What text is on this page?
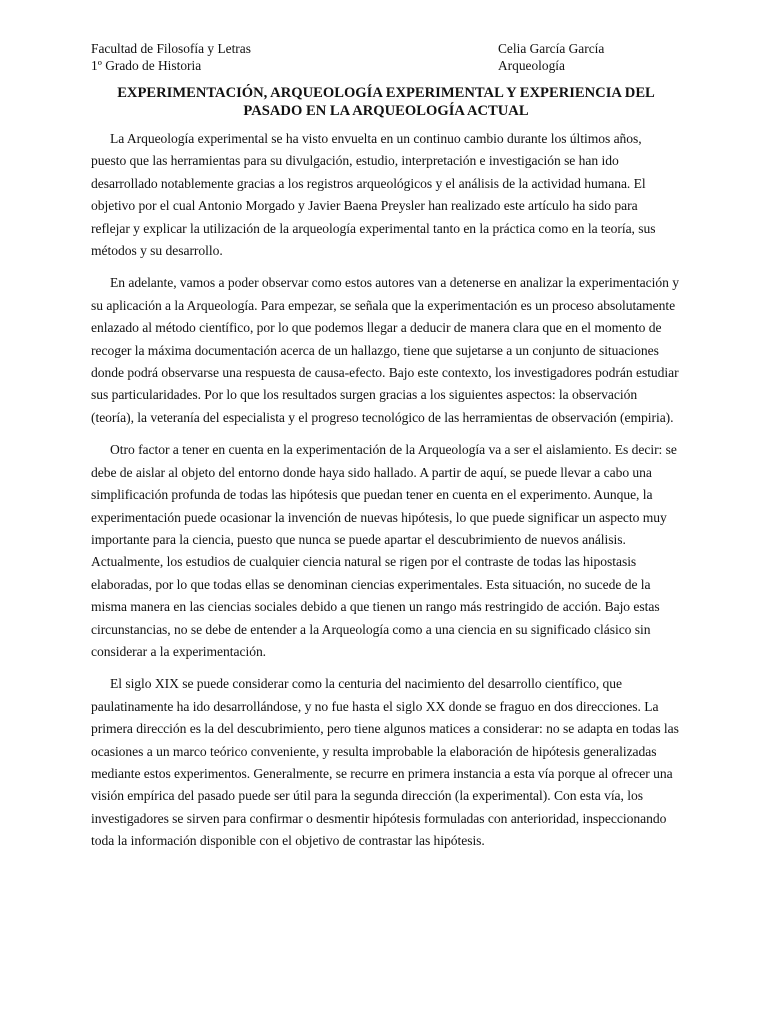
Facultad de Filosofía y Letras
1º Grado de Historia
Celia García García
Arqueología
EXPERIMENTACIÓN, ARQUEOLOGÍA EXPERIMENTAL Y EXPERIENCIA DEL
PASADO EN LA ARQUEOLOGÍA ACTUAL

La Arqueología experimental se ha visto envuelta en un continuo cambio durante los últimos años, puesto que las herramientas para su divulgación, estudio, interpretación e investigación se han ido desarrollado notablemente gracias a los registros arqueológicos y el análisis de la actividad humana. El objetivo por el cual Antonio Morgado y Javier Baena Preysler han realizado este artículo ha sido para reflejar y explicar la utilización de la arqueología experimental tanto en la práctica como en la teoría, sus métodos y su desarrollo.

En adelante, vamos a poder observar como estos autores van a detenerse en analizar la experimentación y su aplicación a la Arqueología. Para empezar, se señala que la experimentación es un proceso absolutamente enlazado al método científico, por lo que podemos llegar a deducir de manera clara que en el momento de recoger la máxima documentación acerca de un hallazgo, tiene que sujetarse a un conjunto de situaciones donde podrá observarse una respuesta de causa-efecto. Bajo este contexto, los investigadores podrán estudiar sus particularidades. Por lo que los resultados surgen gracias a los siguientes aspectos: la observación (teoría), la veteranía del especialista y el progreso tecnológico de las herramientas de observación (empiria).

Otro factor a tener en cuenta en la experimentación de la Arqueología va a ser el aislamiento. Es decir: se debe de aislar al objeto del entorno donde haya sido hallado. A partir de aquí, se puede llevar a cabo una simplificación profunda de todas las hipótesis que puedan tener en cuenta en el experimento. Aunque, la experimentación puede ocasionar la invención de nuevas hipótesis, lo que puede significar un aspecto muy importante para la ciencia, puesto que nunca se puede apartar el descubrimiento de nuevos análisis. Actualmente, los estudios de cualquier ciencia natural se rigen por el contraste de todas las hipostasis elaboradas, por lo que todas ellas se denominan ciencias experimentales. Esta situación, no sucede de la misma manera en las ciencias sociales debido a que tienen un rango más restringido de acción. Bajo estas circunstancias, no se debe de entender a la Arqueología como a una ciencia en su significado clásico sin considerar a la experimentación.

El siglo XIX se puede considerar como la centuria del nacimiento del desarrollo científico, que paulatinamente ha ido desarrollándose, y no fue hasta el siglo XX donde se fraguo en dos direcciones. La primera dirección es la del descubrimiento, pero tiene algunos matices a considerar: no se adapta en todas las ocasiones a un marco teórico conveniente, y resulta improbable la elaboración de hipótesis generalizadas mediante estos experimentos. Generalmente, se recurre en primera instancia a esta vía porque al ofrecer una visión empírica del pasado puede ser útil para la segunda dirección (la experimental). Con esta vía, los investigadores se sirven para confirmar o desmentir hipótesis formuladas con anterioridad, inspeccionando toda la información disponible con el objetivo de contrastar las hipótesis.
